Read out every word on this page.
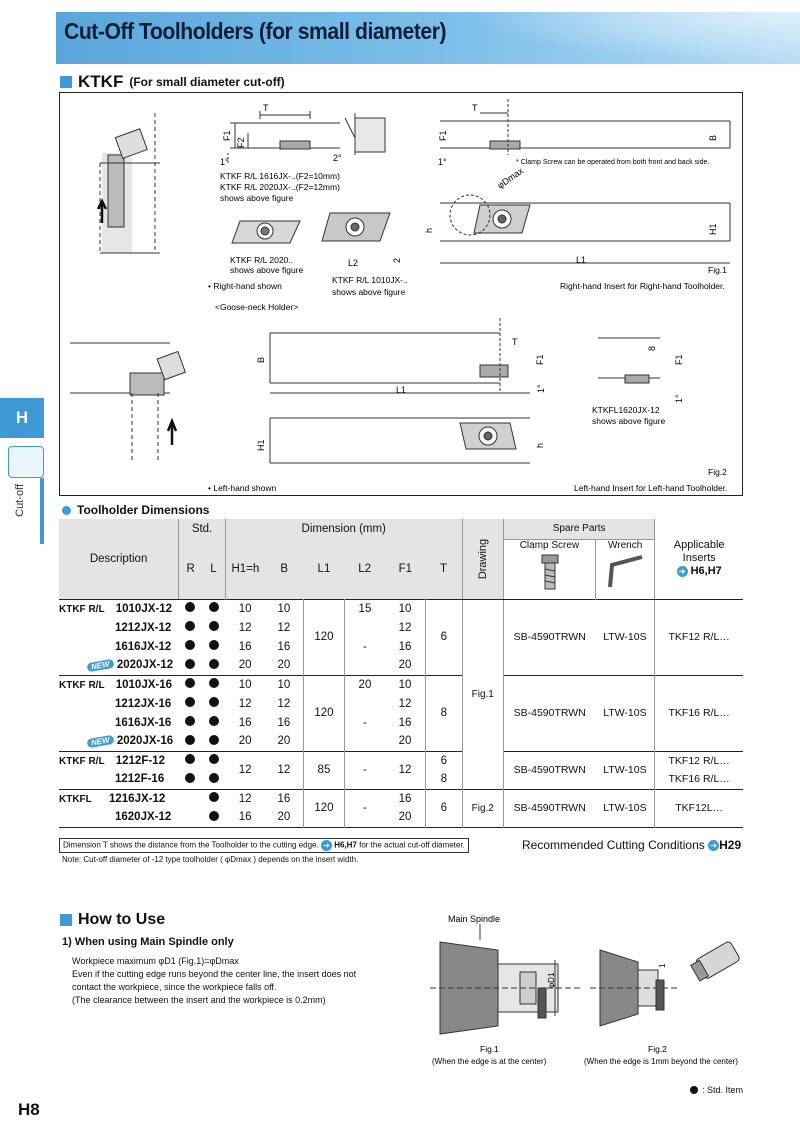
Cut-Off Toolholders (for small diameter)
KTKF (For small diameter cut-off)
T
F1
F2
1°	2°
T
F1	B
1°	* Clamp Screw can be operated from both front and back side.
KTKF R/L 1616JX-..(F2=10mm)
KTKF R/L 2020JX-..(F2=12mm)
shows above figure
φDmax
h	H1
KTKF R/L 2020..
shows above figure
L2	2
KTKF R/L 1010JX-..
shows above figure
L1
• Right-hand shown
Fig.1
Right-hand Insert for Right-hand Toolholder.
<Goose-neck Holder>
B
T
F1
8
F1
L1	1°
1°
KTKFL1620JX-12
shows above figure
H1	h
• Left-hand shown
Fig.2
Left-hand Insert for Left-hand Toolholder.
H
Cut-off	Toolholder Dimensions
Description	Std.		Dimension (mm)						Drawing	Spare Parts		Applicable
Inserts
➜ H6,H7

	R	L	H1=h	B	L1	L2	F1	T		Clamp Screw	Wrench	

KTKF R/L 1010JX-12			10	10	120	15	10	6	Fig.1	SB-4590TRWN	LTW-10S	TKF12 R/L…
1212JX-12			12	12			12					
1616JX-12			16	16		-	16					
NEW 2020JX-12			20	20			20					
KTKF R/L 1010JX-16			10	10	120	20	10	8		SB-4590TRWN	LTW-10S	TKF16 R/L…
1212JX-16			12	12			12					
1616JX-16			16	16		-	16					
NEW 2020JX-16			20	20			20					
KTKF R/L 1212F-12			12	12	85	-	12	6		SB-4590TRWN	LTW-10S	TKF12 R/L…
1212F-16								8				TKF16 R/L…
KTKFL 1216JX-12			12	16	120	-	16	6	Fig.2	SB-4590TRWN	LTW-10S	TKF12L…
1620JX-12			16	20			20					
Dimension T shows the distance from the Toolholder to the cutting edge. ➜ H6,H7 for the actual cut-off diameter.
Note: Cut-off diameter of -12 type toolholder ( φDmax ) depends on the insert width.
Recommended Cutting Conditions ➜ H29
How to Use
1) When using Main Spindle only
Workpiece maximum φD1 (Fig.1)=φDmax
Even if the cutting edge runs beyond the center line, the insert does not
contact the workpiece, since the workpiece falls off.
(The clearance between the insert and the workpiece is 0.2mm)
Main Spindle
φD1
1
Fig.1
(When the edge is at the center)
Fig.2
(When the edge is 1mm beyond the center)
: Std. Item
H8
